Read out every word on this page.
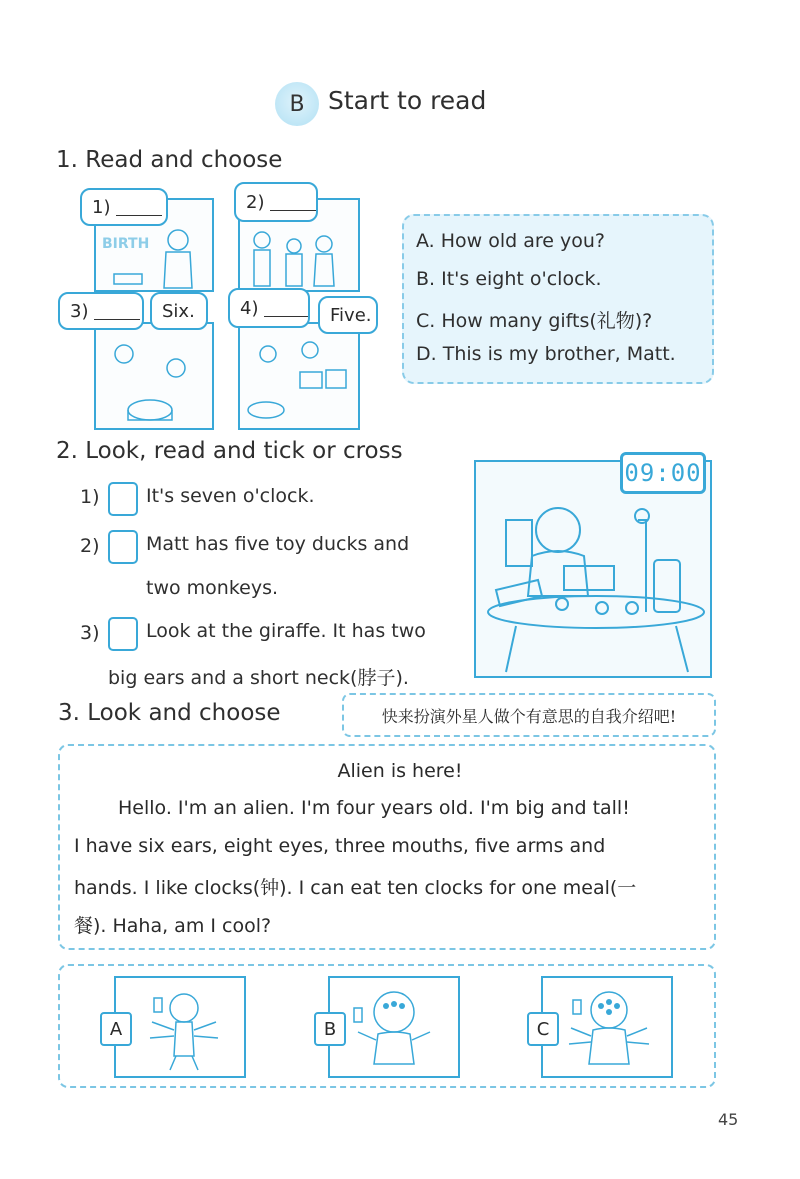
B Start to read
1. Read and choose
BIRTH
1)	2)
3)	Six.	4)	Five.
A. How old are you?
B. It's eight o'clock.
C. How many gifts(礼物)?
D. This is my brother, Matt.
2. Look, read and tick or cross
1) It's seven o'clock.
2) Matt has five toy ducks and
two monkeys.
3) Look at the giraffe. It has two
big ears and a short neck(脖子).
09:00
3. Look and choose	快来扮演外星人做个有意思的自我介绍吧!
Alien is here!
Hello. I'm an alien. I'm four years old. I'm big and tall!
I have six ears, eight eyes, three mouths, five arms and
hands. I like clocks(钟). I can eat ten clocks for one meal(一
餐). Haha, am I cool?
A	B	C
45
